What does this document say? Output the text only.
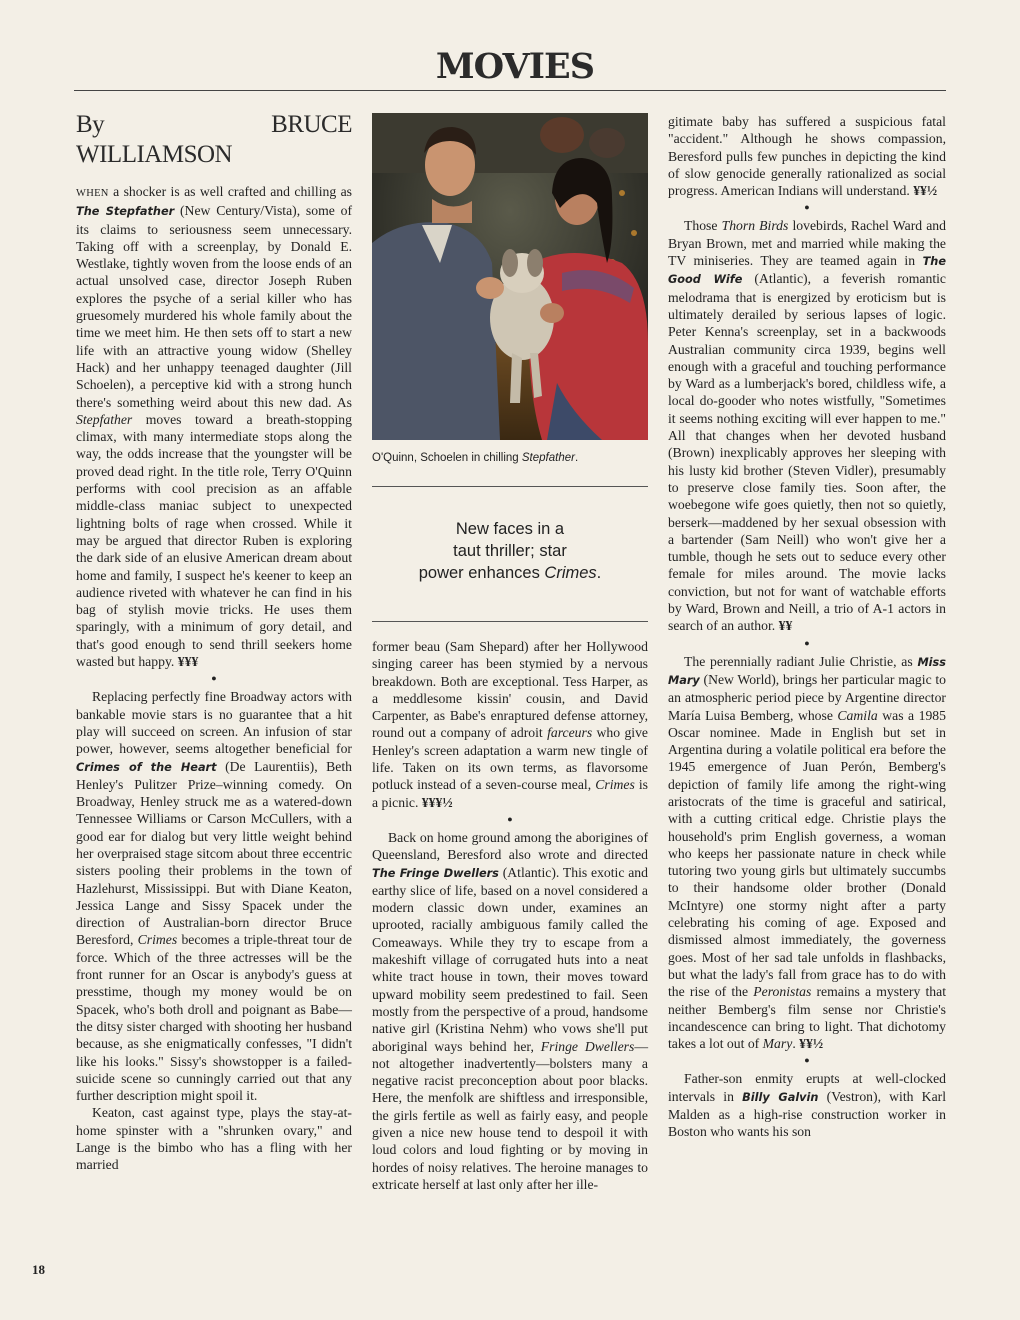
MOVIES
By BRUCE WILLIAMSON

WHEN a shocker is as well crafted and chilling as The Stepfather (New Century/Vista), some of its claims to seriousness seem unnecessary. Taking off with a screenplay, by Donald E. Westlake, tightly woven from the loose ends of an actual unsolved case, director Joseph Ruben explores the psyche of a serial killer who has gruesomely murdered his whole family about the time we meet him. He then sets off to start a new life with an attractive young widow (Shelley Hack) and her unhappy teenaged daughter (Jill Schoelen), a perceptive kid with a strong hunch there's something weird about this new dad. As Stepfather moves toward a breath-stopping climax, with many intermediate stops along the way, the odds increase that the youngster will be proved dead right. In the title role, Terry O'Quinn performs with cool precision as an affable middle-class maniac subject to unexpected lightning bolts of rage when crossed. While it may be argued that director Ruben is exploring the dark side of an elusive American dream about home and family, I suspect he's keener to keep an audience riveted with whatever he can find in his bag of stylish movie tricks. He uses them sparingly, with a minimum of gory detail, and that's good enough to send thrill seekers home wasted but happy. ¥¥¥

●

Replacing perfectly fine Broadway actors with bankable movie stars is no guarantee that a hit play will succeed on screen. An infusion of star power, however, seems altogether beneficial for Crimes of the Heart (De Laurentiis), Beth Henley's Pulitzer Prize–winning comedy. On Broadway, Henley struck me as a watered-down Tennessee Williams or Carson McCullers, with a good ear for dialog but very little weight behind her overpraised stage sitcom about three eccentric sisters pooling their problems in the town of Hazlehurst, Mississippi. But with Diane Keaton, Jessica Lange and Sissy Spacek under the direction of Australian-born director Bruce Beresford, Crimes becomes a triple-threat tour de force. Which of the three actresses will be the front runner for an Oscar is anybody's guess at presstime, though my money would be on Spacek, who's both droll and poignant as Babe—the ditsy sister charged with shooting her husband because, as she enigmatically confesses, "I didn't like his looks." Sissy's showstopper is a failed-suicide scene so cunningly carried out that any further description might spoil it.

Keaton, cast against type, plays the stay-at-home spinster with a "shrunken ovary," and Lange is the bimbo who has a fling with her married

O'Quinn, Schoelen in chilling Stepfather.
New faces in a
taut thriller; star
power enhances Crimes.

former beau (Sam Shepard) after her Hollywood singing career has been stymied by a nervous breakdown. Both are exceptional. Tess Harper, as a meddlesome kissin' cousin, and David Carpenter, as Babe's enraptured defense attorney, round out a company of adroit farceurs who give Henley's screen adaptation a warm new tingle of life. Taken on its own terms, as flavorsome potluck instead of a seven-course meal, Crimes is a picnic. ¥¥¥½

●

Back on home ground among the aborigines of Queensland, Beresford also wrote and directed The Fringe Dwellers (Atlantic). This exotic and earthy slice of life, based on a novel considered a modern classic down under, examines an uprooted, racially ambiguous family called the Comeaways. While they try to escape from a makeshift village of corrugated huts into a neat white tract house in town, their moves toward upward mobility seem predestined to fail. Seen mostly from the perspective of a proud, handsome native girl (Kristina Nehm) who vows she'll put aboriginal ways behind her, Fringe Dwellers—not altogether inadvertently—bolsters many a negative racist preconception about poor blacks. Here, the menfolk are shiftless and irresponsible, the girls fertile as well as fairly easy, and people given a nice new house tend to despoil it with loud colors and loud fighting or by moving in hordes of noisy relatives. The heroine manages to extricate herself at last only after her ille-

gitimate baby has suffered a suspicious fatal "accident." Although he shows compassion, Beresford pulls few punches in depicting the kind of slow genocide generally rationalized as social progress. American Indians will understand. ¥¥½

●

Those Thorn Birds lovebirds, Rachel Ward and Bryan Brown, met and married while making the TV miniseries. They are teamed again in The Good Wife (Atlantic), a feverish romantic melodrama that is energized by eroticism but is ultimately derailed by serious lapses of logic. Peter Kenna's screenplay, set in a backwoods Australian community circa 1939, begins well enough with a graceful and touching performance by Ward as a lumberjack's bored, childless wife, a local do-gooder who notes wistfully, "Sometimes it seems nothing exciting will ever happen to me." All that changes when her devoted husband (Brown) inexplicably approves her sleeping with his lusty kid brother (Steven Vidler), presumably to preserve close family ties. Soon after, the woebegone wife goes quietly, then not so quietly, berserk—maddened by her sexual obsession with a bartender (Sam Neill) who won't give her a tumble, though he sets out to seduce every other female for miles around. The movie lacks conviction, but not for want of watchable efforts by Ward, Brown and Neill, a trio of A-1 actors in search of an author. ¥¥

●

The perennially radiant Julie Christie, as Miss Mary (New World), brings her particular magic to an atmospheric period piece by Argentine director María Luisa Bemberg, whose Camila was a 1985 Oscar nominee. Made in English but set in Argentina during a volatile political era before the 1945 emergence of Juan Perón, Bemberg's depiction of family life among the right-wing aristocrats of the time is graceful and satirical, with a cutting critical edge. Christie plays the household's prim English governess, a woman who keeps her passionate nature in check while tutoring two young girls but ultimately succumbs to their handsome older brother (Donald McIntyre) one stormy night after a party celebrating his coming of age. Exposed and dismissed almost immediately, the governess goes. Most of her sad tale unfolds in flashbacks, but what the lady's fall from grace has to do with the rise of the Peronistas remains a mystery that neither Bemberg's film sense nor Christie's incandescence can bring to light. That dichotomy takes a lot out of Mary. ¥¥½

●

Father-son enmity erupts at well-clocked intervals in Billy Galvin (Vestron), with Karl Malden as a high-rise construction worker in Boston who wants his son

18
